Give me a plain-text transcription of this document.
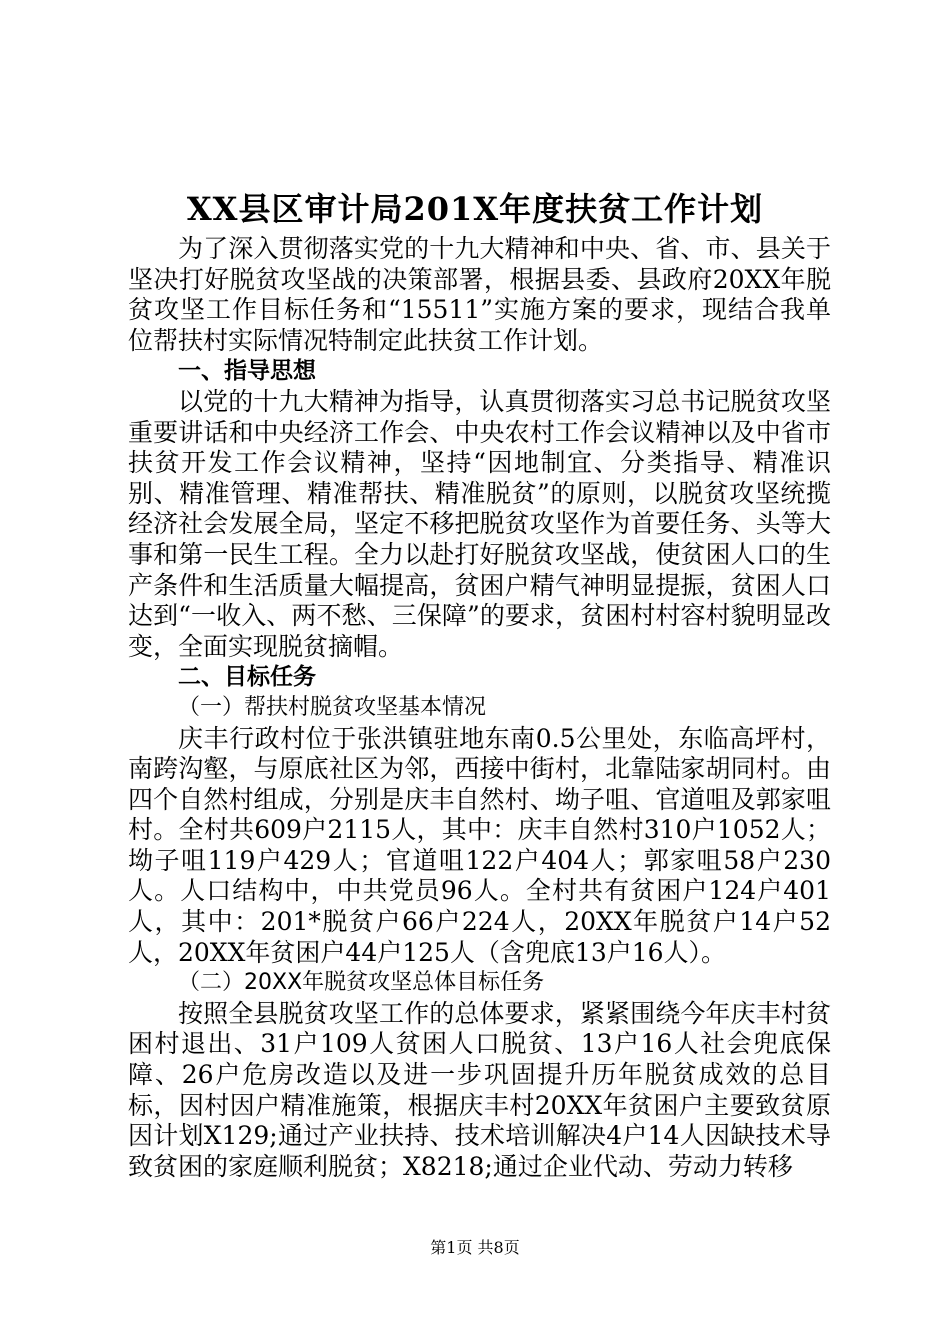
XX县区审计局201X年度扶贫工作计划

为了深入贯彻落实党的十九大精神和中央、省、市、县关于坚决打好脱贫攻坚战的决策部署，根据县委、县政府20XX年脱贫攻坚工作目标任务和“15511”实施方案的要求，现结合我单位帮扶村实际情况特制定此扶贫工作计划。

一、指导思想

以党的十九大精神为指导，认真贯彻落实习总书记脱贫攻坚重要讲话和中央经济工作会、中央农村工作会议精神以及中省市扶贫开发工作会议精神，坚持“因地制宜、分类指导、精准识别、精准管理、精准帮扶、精准脱贫”的原则，以脱贫攻坚统揽经济社会发展全局，坚定不移把脱贫攻坚作为首要任务、头等大事和第一民生工程。全力以赴打好脱贫攻坚战，使贫困人口的生产条件和生活质量大幅提高，贫困户精气神明显提振，贫困人口达到“一收入、两不愁、三保障”的要求，贫困村村容村貌明显改变，全面实现脱贫摘帽。

二、目标任务

（一）帮扶村脱贫攻坚基本情况

庆丰行政村位于张洪镇驻地东南0.5公里处，东临高坪村，南跨沟壑，与原底社区为邻，西接中街村，北靠陆家胡同村。由四个自然村组成，分别是庆丰自然村、坳子咀、官道咀及郭家咀村。全村共609户2115人，其中：庆丰自然村310户1052人；坳子咀119户429人；官道咀122户404人；郭家咀58户230人。人口结构中，中共党员96人。全村共有贫困户124户401人，其中：201*脱贫户66户224人，20XX年脱贫户14户52人，20XX年贫困户44户125人（含兜底13户16人）。

（二）20XX年脱贫攻坚总体目标任务

按照全县脱贫攻坚工作的总体要求，紧紧围绕今年庆丰村贫困村退出、31户109人贫困人口脱贫、13户16人社会兜底保障、26户危房改造以及进一步巩固提升历年脱贫成效的总目标，因村因户精准施策，根据庆丰村20XX年贫困户主要致贫原因计划X129;通过产业扶持、技术培训解决4户14人因缺技术导致贫困的家庭顺利脱贫；X8218;通过企业代动、劳动力转移

第1页 共8页
